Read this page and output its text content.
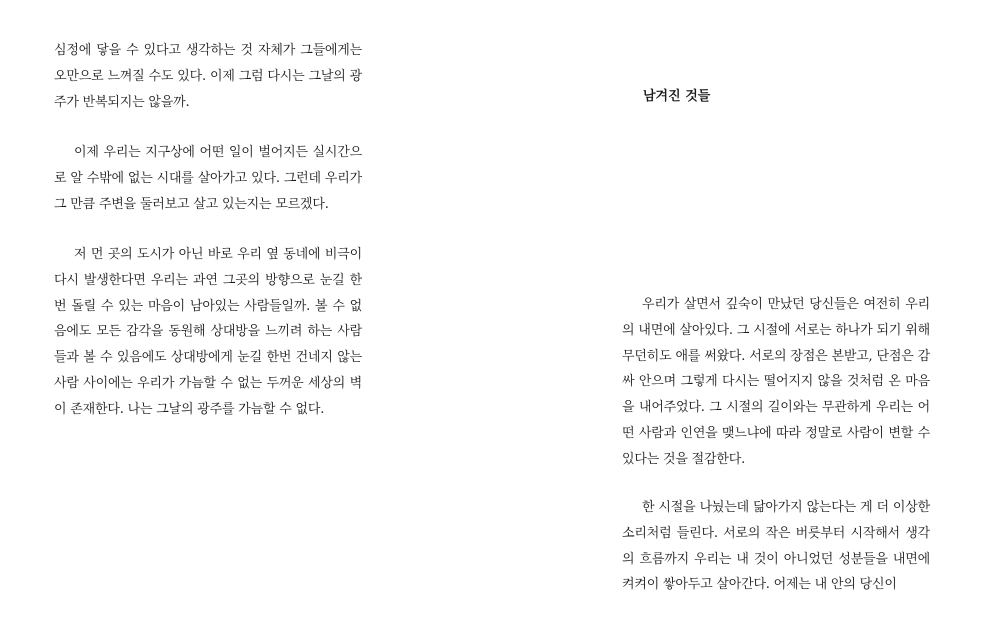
심정에 닿을 수 있다고 생각하는 것 자체가 그들에게는 오만으로 느껴질 수도 있다. 이제 그럼 다시는 그날의 광주가 반복되지는 않을까.

이제 우리는 지구상에 어떤 일이 벌어지든 실시간으로 알 수밖에 없는 시대를 살아가고 있다. 그런데 우리가 그 만큼 주변을 둘러보고 살고 있는지는 모르겠다.

저 먼 곳의 도시가 아닌 바로 우리 옆 동네에 비극이 다시 발생한다면 우리는 과연 그곳의 방향으로 눈길 한 번 돌릴 수 있는 마음이 남아있는 사람들일까. 볼 수 없음에도 모든 감각을 동원해 상대방을 느끼려 하는 사람들과 볼 수 있음에도 상대방에게 눈길 한번 건네지 않는 사람 사이에는 우리가 가늠할 수 없는 두꺼운 세상의 벽이 존재한다. 나는 그날의 광주를 가늠할 수 없다.

남겨진 것들

우리가 살면서 깊숙이 만났던 당신들은 여전히 우리의 내면에 살아있다. 그 시절에 서로는 하나가 되기 위해 무던히도 애를 써왔다. 서로의 장점은 본받고, 단점은 감싸 안으며 그렇게 다시는 떨어지지 않을 것처럼 온 마음을 내어주었다. 그 시절의 길이와는 무관하게 우리는 어떤 사람과 인연을 맺느냐에 따라 정말로 사람이 변할 수 있다는 것을 절감한다.

한 시절을 나눴는데 닮아가지 않는다는 게 더 이상한 소리처럼 들린다. 서로의 작은 버릇부터 시작해서 생각의 흐름까지 우리는 내 것이 아니었던 성분들을 내면에 켜켜이 쌓아두고 살아간다. 어제는 내 안의 당신이
